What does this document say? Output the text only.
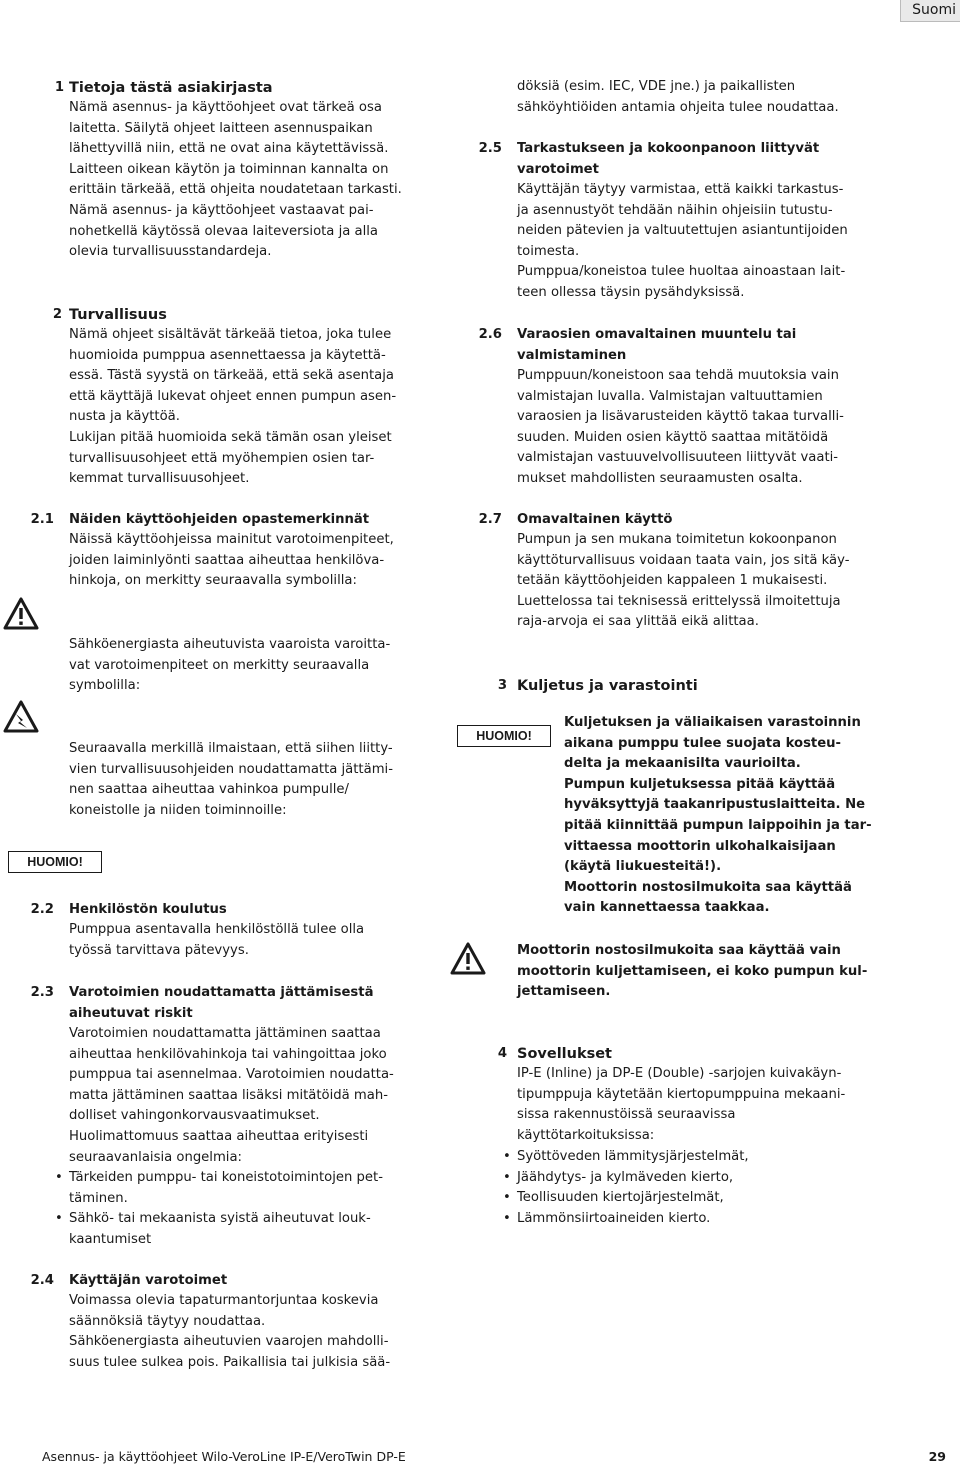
Suomi
1 Tietoja tästä asiakirjasta
Nämä asennus- ja käyttöohjeet ovat tärkeä osa
laitetta. Säilytä ohjeet laitteen asennuspaikan
lähettyvillä niin, että ne ovat aina käytettävissä.
Laitteen oikean käytön ja toiminnan kannalta on
erittäin tärkeää, että ohjeita noudatetaan tarkasti.
Nämä asennus- ja käyttöohjeet vastaavat pai-
nohetkellä käytössä olevaa laiteversiota ja alla
olevia turvallisuusstandardeja.
2 Turvallisuus
Nämä ohjeet sisältävät tärkeää tietoa, joka tulee
huomioida pumppua asennettaessa ja käytettä-
essä. Tästä syystä on tärkeää, että sekä asentaja
että käyttäjä lukevat ohjeet ennen pumpun asen-
nusta ja käyttöä.
Lukijan pitää huomioida sekä tämän osan yleiset
turvallisuusohjeet että myöhempien osien tar-
kemmat turvallisuusohjeet.
2.1 Näiden käyttöohjeiden opastemerkinnät
Näissä käyttöohjeissa mainitut varotoimenpiteet,
joiden laiminlyönti saattaa aiheuttaa henkilöva-
hinkoja, on merkitty seuraavalla symbolilla:
Sähköenergiasta aiheutuvista vaaroista varoitta-
vat varotoimenpiteet on merkitty seuraavalla
symbolilla:
Seuraavalla merkillä ilmaistaan, että siihen liitty-
vien turvallisuusohjeiden noudattamatta jättämi-
nen saattaa aiheuttaa vahinkoa pumpulle/
koneistolle ja niiden toiminnoille:
HUOMIO!
2.2 Henkilöstön koulutus
Pumppua asentavalla henkilöstöllä tulee olla
työssä tarvittava pätevyys.
2.3 Varotoimien noudattamatta jättämisestä
aiheutuvat riskit
Varotoimien noudattamatta jättäminen saattaa
aiheuttaa henkilövahinkoja tai vahingoittaa joko
pumppua tai asennelmaa. Varotoimien noudatta-
matta jättäminen saattaa lisäksi mitätöidä mah-
dolliset vahingonkorvausvaatimukset.
Huolimattomuus saattaa aiheuttaa erityisesti
seuraavanlaisia ongelmia:
• Tärkeiden pumppu- tai koneistotoimintojen pet-
täminen.
• Sähkö- tai mekaanista syistä aiheutuvat louk-
kaantumiset
2.4 Käyttäjän varotoimet
Voimassa olevia tapaturmantorjuntaa koskevia
säännöksiä täytyy noudattaa.
Sähköenergiasta aiheutuvien vaarojen mahdolli-
suus tulee sulkea pois. Paikallisia tai julkisia sää-
döksiä (esim. IEC, VDE jne.) ja paikallisten
sähköyhtiöiden antamia ohjeita tulee noudattaa.
2.5 Tarkastukseen ja kokoonpanoon liittyvät
varotoimet
Käyttäjän täytyy varmistaa, että kaikki tarkastus-
ja asennustyöt tehdään näihin ohjeisiin tutustu-
neiden pätevien ja valtuutettujen asiantuntijoiden
toimesta.
Pumppua/koneistoa tulee huoltaa ainoastaan lait-
teen ollessa täysin pysähdyksissä.
2.6 Varaosien omavaltainen muuntelu tai
valmistaminen
Pumppuun/koneistoon saa tehdä muutoksia vain
valmistajan luvalla. Valmistajan valtuuttamien
varaosien ja lisävarusteiden käyttö takaa turvalli-
suuden. Muiden osien käyttö saattaa mitätöidä
valmistajan vastuuvelvollisuuteen liittyvät vaati-
mukset mahdollisten seuraamusten osalta.
2.7 Omavaltainen käyttö
Pumpun ja sen mukana toimitetun kokoonpanon
käyttöturvallisuus voidaan taata vain, jos sitä käy-
tetään käyttöohjeiden kappaleen 1 mukaisesti.
Luettelossa tai teknisessä erittelyssä ilmoitettuja
raja-arvoja ei saa ylittää eikä alittaa.
3 Kuljetus ja varastointi
HUOMIO!
Kuljetuksen ja väliaikaisen varastoinnin
aikana pumppu tulee suojata kosteu-
delta ja mekaanisilta vaurioilta.
Pumpun kuljetuksessa pitää käyttää
hyväksyttyjä taakanripustuslaitteita. Ne
pitää kiinnittää pumpun laippoihin ja tar-
vittaessa moottorin ulkohalkaisijaan
(käytä liukuesteitä!).
Moottorin nostosilmukoita saa käyttää
vain kannettaessa taakkaa.
Moottorin nostosilmukoita saa käyttää vain
moottorin kuljettamiseen, ei koko pumpun kul-
jettamiseen.
4 Sovellukset
IP-E (Inline) ja DP-E (Double) -sarjojen kuivakäyn-
tipumppuja käytetään kiertopumppuina mekaani-
sissa rakennustöissä seuraavissa
käyttötarkoituksissa:
• Syöttöveden lämmitysjärjestelmät,
• Jäähdytys- ja kylmäveden kierto,
• Teollisuuden kiertojärjestelmät,
• Lämmönsiirtoaineiden kierto.
Asennus- ja käyttöohjeet Wilo-VeroLine IP-E/VeroTwin DP-E	29
